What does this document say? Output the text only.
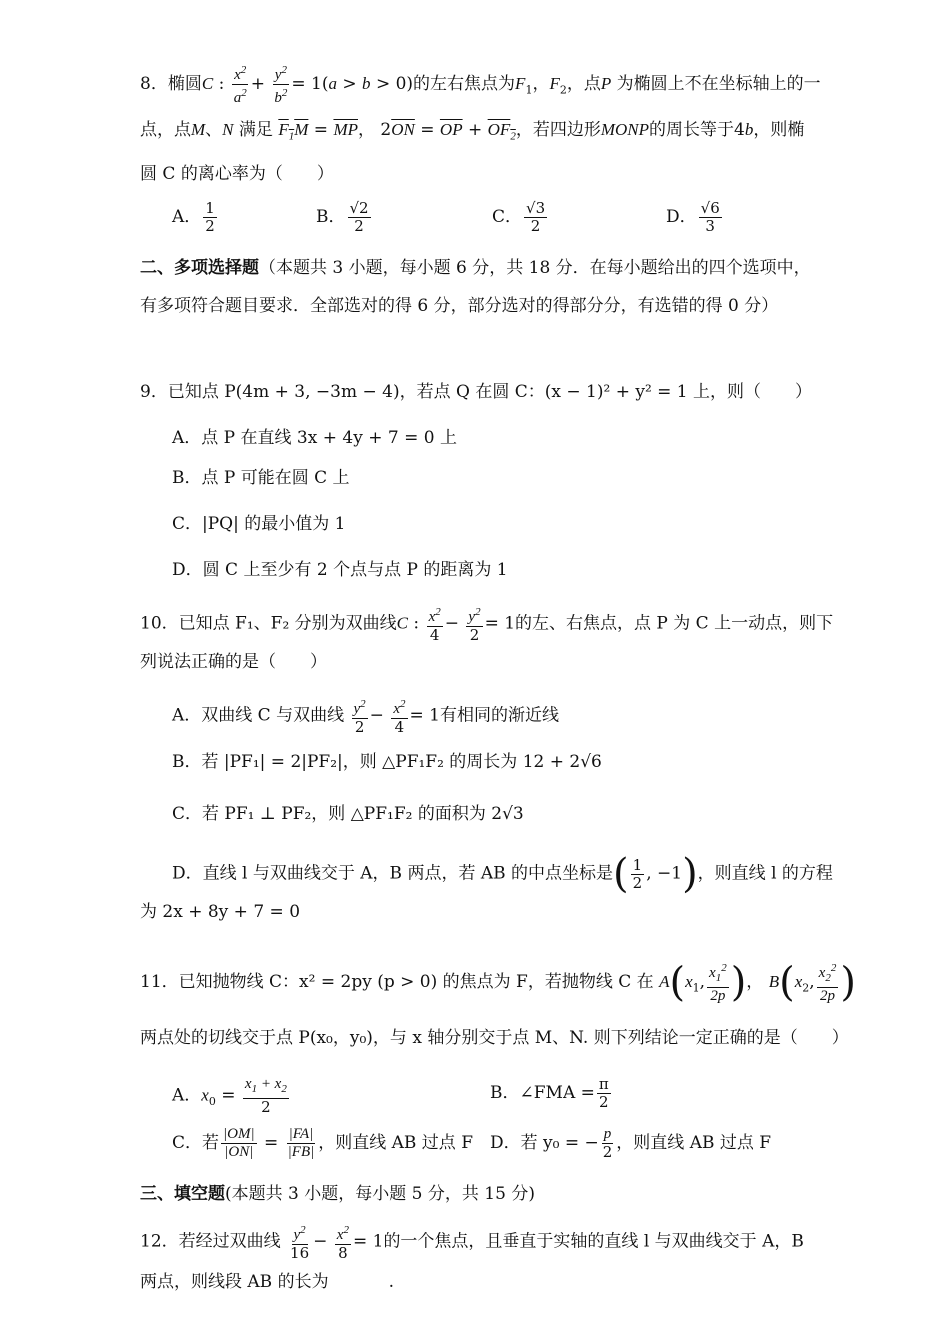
8．椭圆C : $\frac{x^2}{a^2} + \frac{y^2}{b^2} = 1(a > b > 0)$的左右焦点为$F_1$，$F_2$，点P 为椭圆上不在坐标轴上的一
点，点M、N 满足 $F_1M = \overline{MP}$， $2\overline{ON} = \overline{OP} + OF_2$，若四边形MONP的周长等于4b，则椭
圆 C 的离心率为（　　）
A． $\frac{1}{2}$	B． $\frac{√2}{2}$	C． $\frac{√3}{2}$	D． $\frac{√6}{3}$
二、多项选择题（本题共 3 小题，每小题 6 分，共 18 分．在每小题给出的四个选项中，
有多项符合题目要求．全部选对的得 6 分，部分选对的得部分分，有选错的得 0 分）
9．已知点 P(4m + 3, −3m − 4)，若点 Q 在圆 C：(x − 1)² + y² = 1 上，则（　　）
A．点 P 在直线 3x + 4y + 7 = 0 上
B．点 P 可能在圆 C 上
C．|PQ| 的最小值为 1
D．圆 C 上至少有 2 个点与点 P 的距离为 1
10．已知点 F₁、F₂ 分别为双曲线C : $\frac{x^2}{4} - \frac{y^2}{2} = 1$的左、右焦点，点 P 为 C 上一动点，则下
列说法正确的是（　　）
A．双曲线 C 与双曲线 $\frac{y^2}{2} - \frac{x^2}{4} = 1$有相同的渐近线
B．若 |PF₁| = 2|PF₂|，则 △PF₁F₂ 的周长为 12 + 2√6
C．若 PF₁ ⊥ PF₂，则 △PF₁F₂ 的面积为 2√3
D．直线 l 与双曲线交于 A，B 两点，若 AB 的中点坐标是( $\frac{1}{2}$ , −1)，则直线 l 的方程
为 2x + 8y + 7 = 0
11．已知抛物线 C：x² = 2py (p > 0) 的焦点为 F，若抛物线 C 在 $A(x_1$, $\frac{x_1^2}{2p}$ )， $B(x_2$, $\frac{x_2^2}{2p}$ )
两点处的切线交于点 P(x₀，y₀)，与 x 轴分别交于点 M、N. 则下列结论一定正确的是（　　）
A．$x_0 = \frac{x_1 + x_2}{2}$	B．∠FMA = $\frac{\pi}{2}$
C．若 $\frac{|OM|}{|ON|} = \frac{|FA|}{|FB|}$ ，则直线 AB 过点 F D．若 y₀ = − $\frac{p}{2}$ ，则直线 AB 过点 F
三、填空题(本题共 3 小题，每小题 5 分，共 15 分)
12．若经过双曲线 $\frac{y^2}{16} - \frac{x^2}{8} = 1$的一个焦点，且垂直于实轴的直线 l 与双曲线交于 A，B
两点，则线段 AB 的长为	.
